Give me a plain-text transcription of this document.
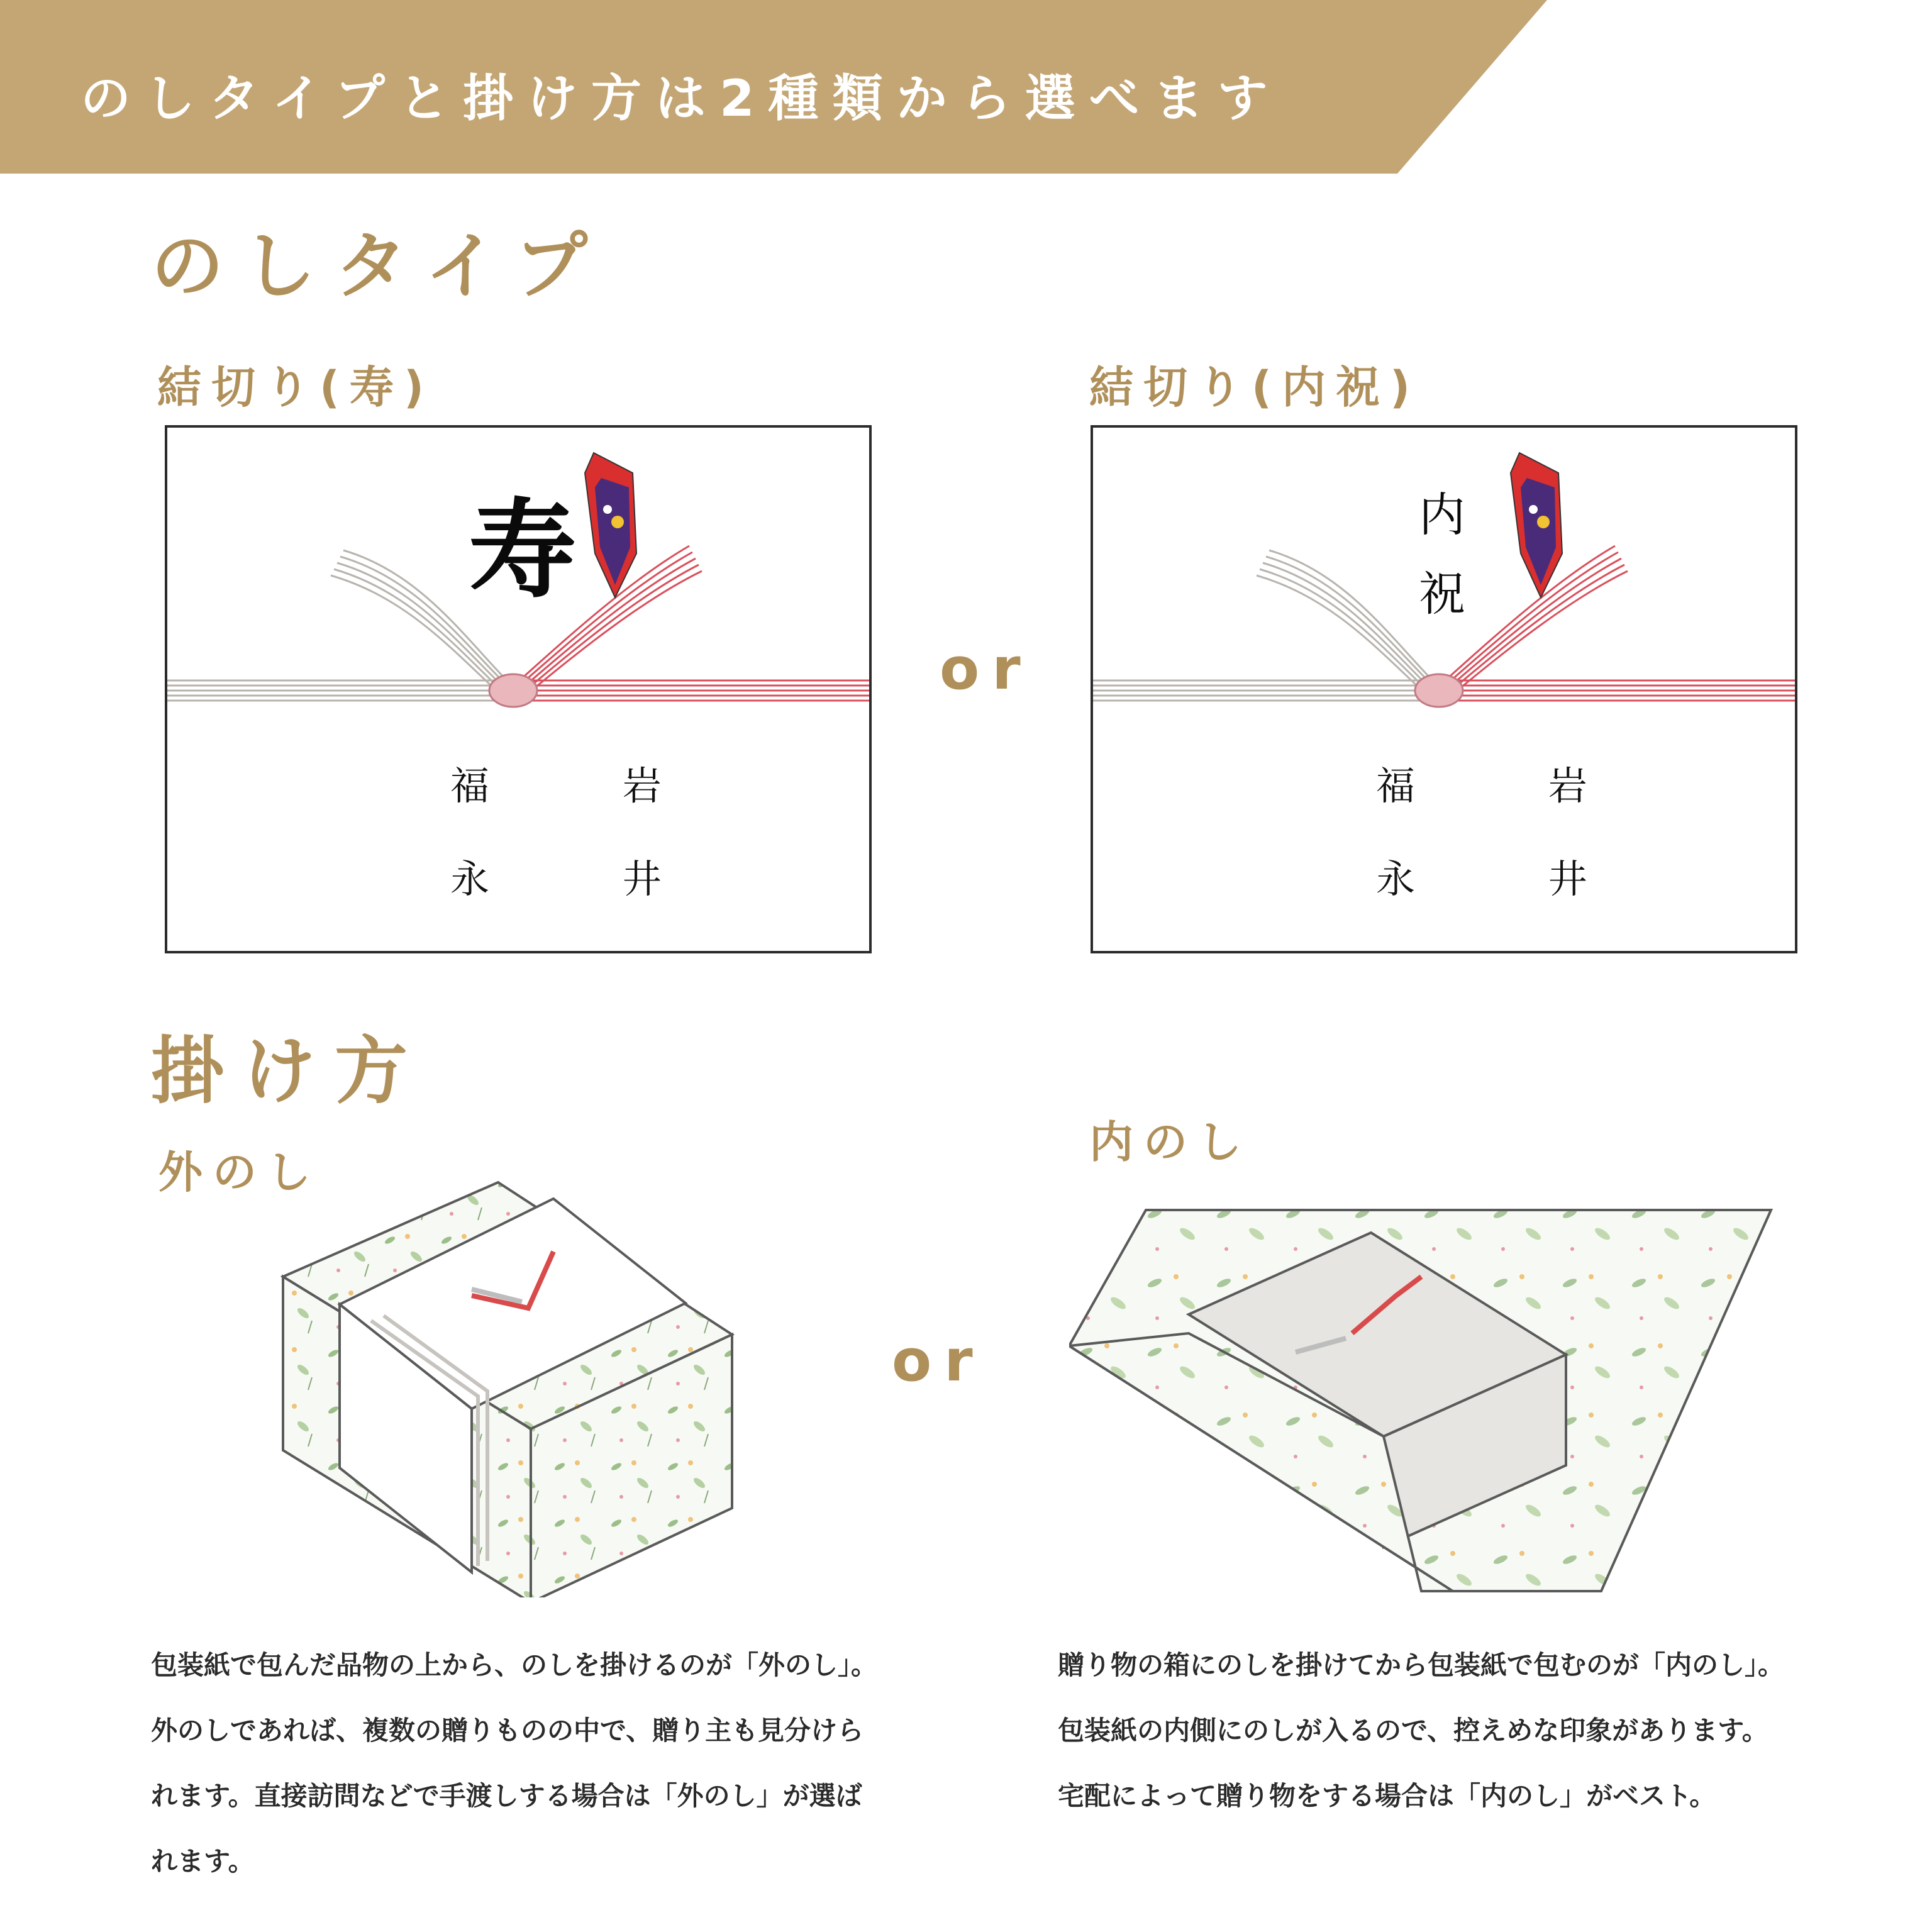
のしタイプと掛け方は2種類から選べます
のしタイプ
結切り(寿)	結切り(内祝)
寿
福 岩
永 井
or
内
祝
福 岩
永 井
掛け方
外のし
内のし
or
包装紙で包んだ品物の上から、のしを掛けるのが「外のし」。
外のしであれば、複数の贈りものの中で、贈り主も見分けら
れます。直接訪問などで手渡しする場合は「外のし」が選ば
れます。
贈り物の箱にのしを掛けてから包装紙で包むのが「内のし」。
包装紙の内側にのしが入るので、控えめな印象があります。
宅配によって贈り物をする場合は「内のし」がベスト。
